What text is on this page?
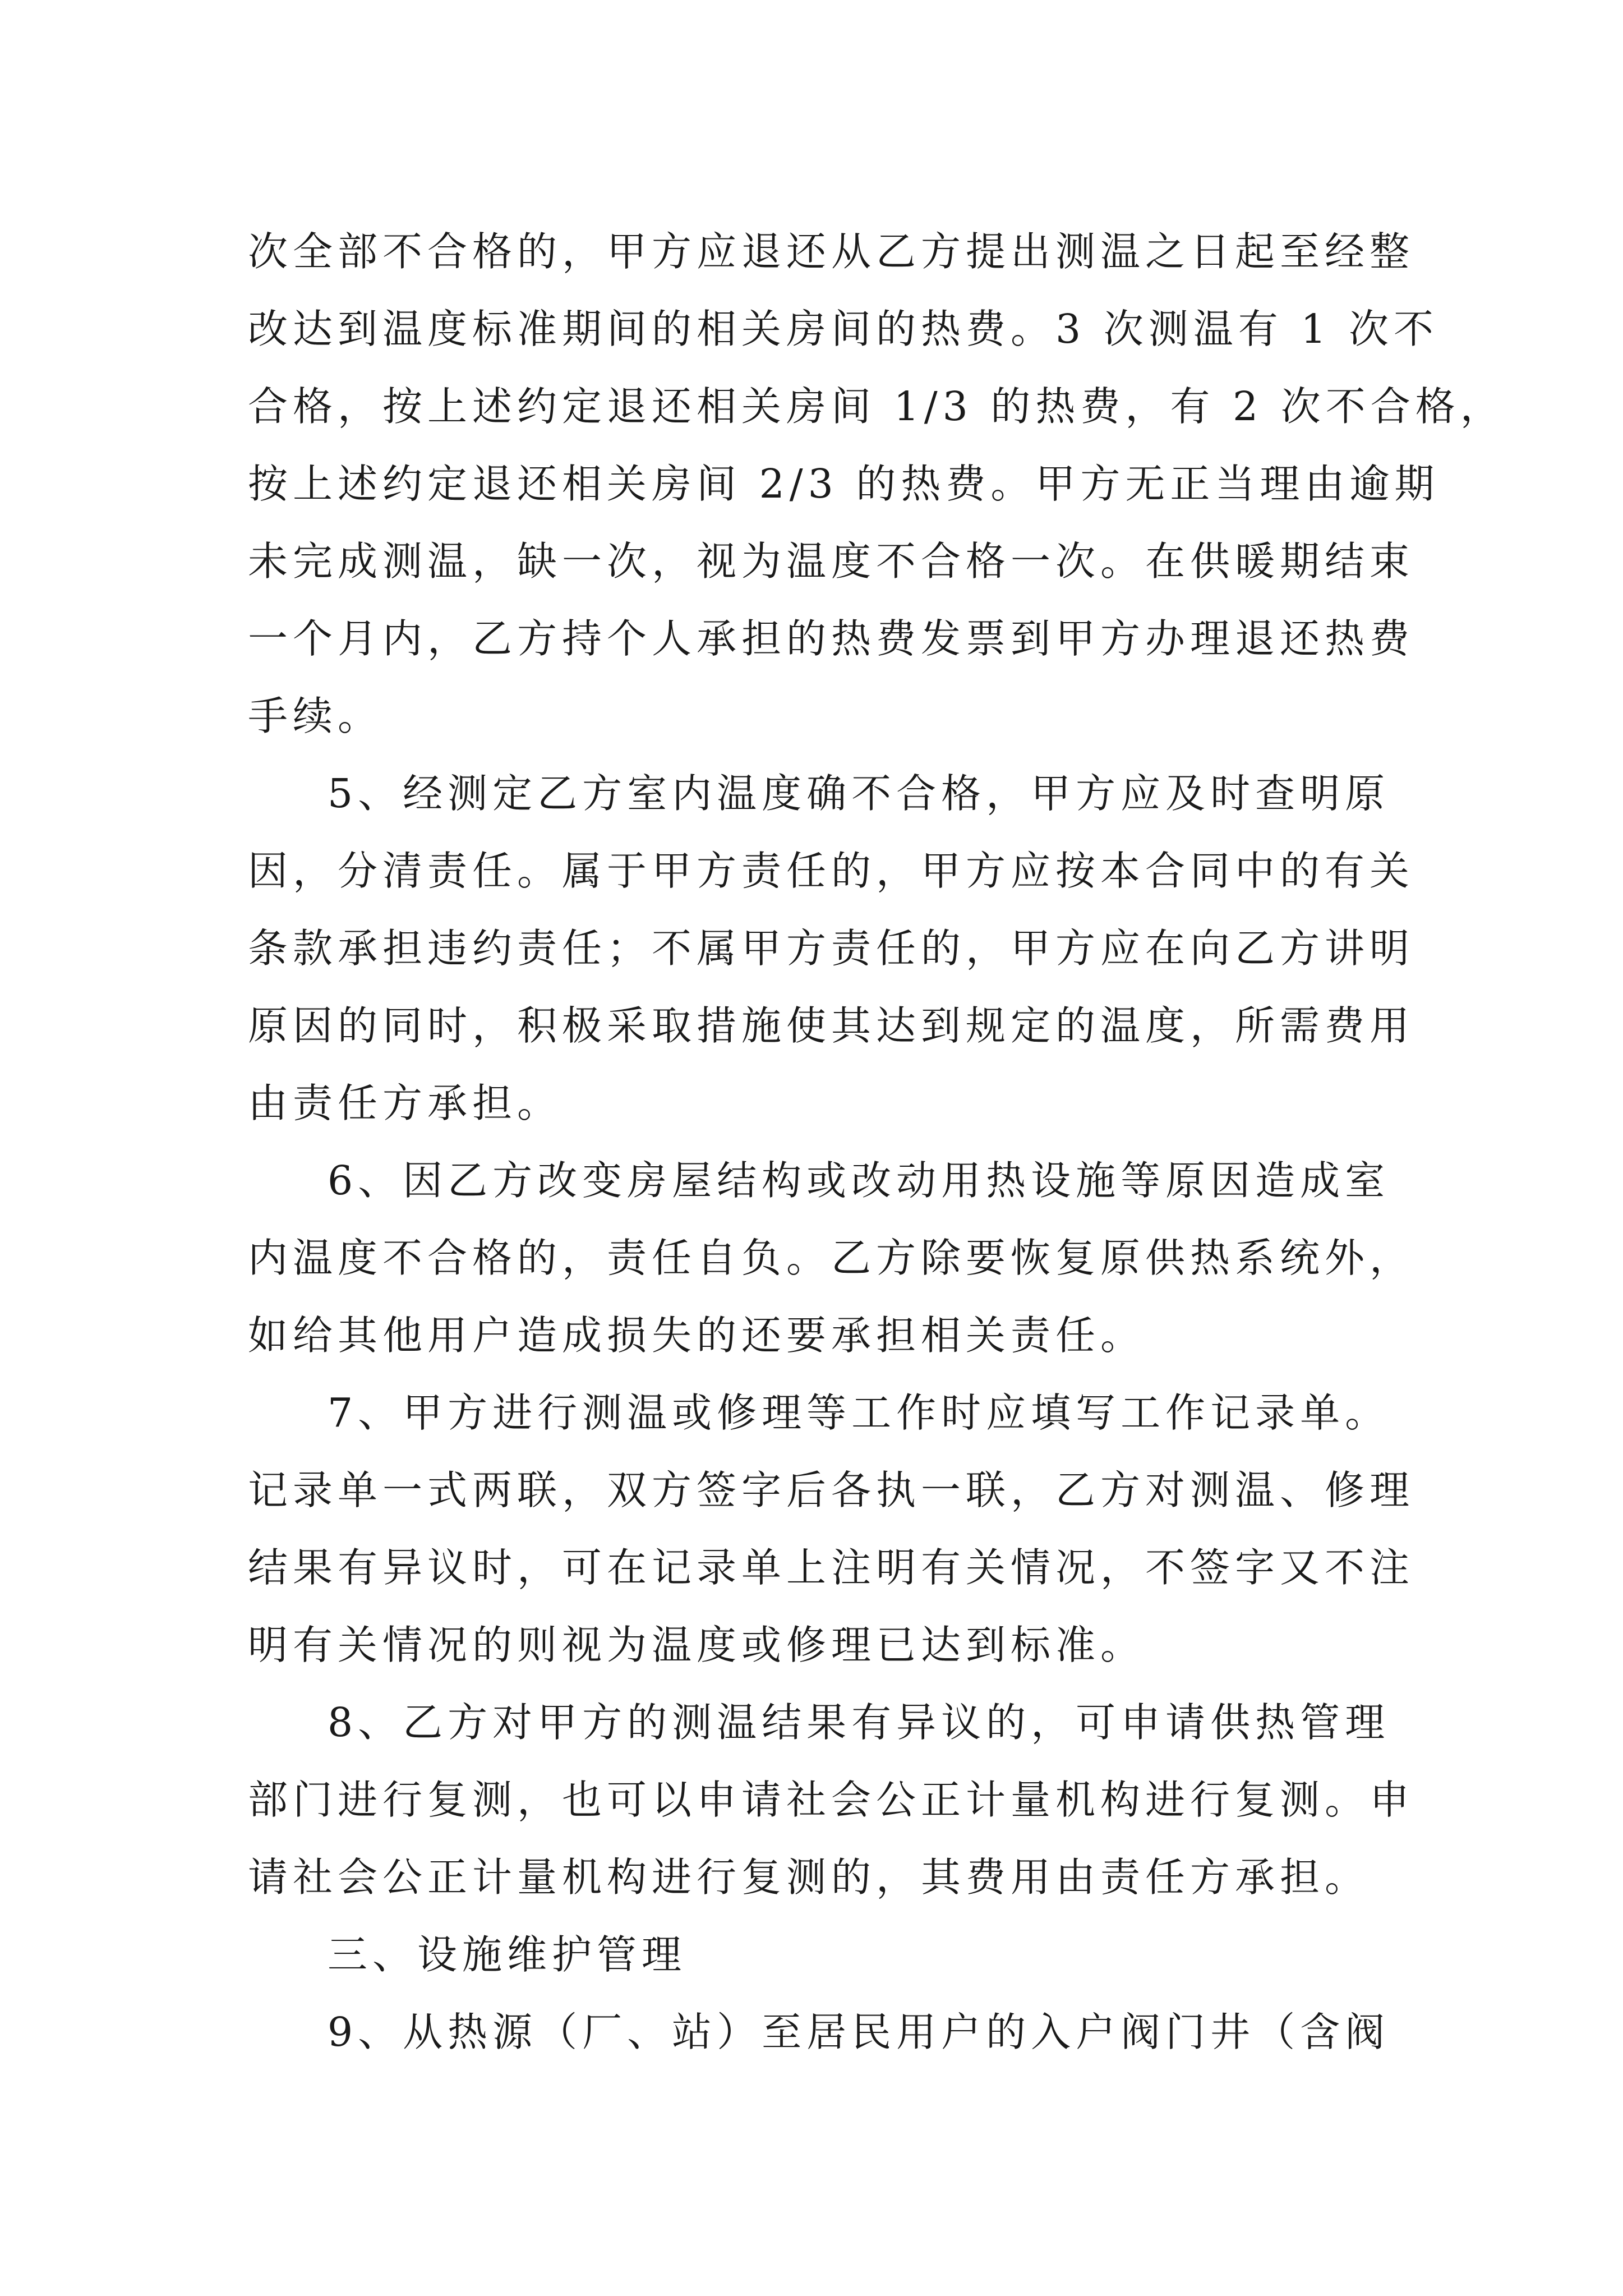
次全部不合格的，甲方应退还从乙方提出测温之日起至经整
改达到温度标准期间的相关房间的热费。3 次测温有 1 次不
合格，按上述约定退还相关房间 1/3 的热费，有 2 次不合格，
按上述约定退还相关房间 2/3 的热费。甲方无正当理由逾期
未完成测温，缺一次，视为温度不合格一次。在供暖期结束
一个月内，乙方持个人承担的热费发票到甲方办理退还热费
手续。
5、经测定乙方室内温度确不合格，甲方应及时查明原
因，分清责任。属于甲方责任的，甲方应按本合同中的有关
条款承担违约责任；不属甲方责任的，甲方应在向乙方讲明
原因的同时，积极采取措施使其达到规定的温度，所需费用
由责任方承担。
6、因乙方改变房屋结构或改动用热设施等原因造成室
内温度不合格的，责任自负。乙方除要恢复原供热系统外，
如给其他用户造成损失的还要承担相关责任。
7、甲方进行测温或修理等工作时应填写工作记录单。
记录单一式两联，双方签字后各执一联，乙方对测温、修理
结果有异议时，可在记录单上注明有关情况，不签字又不注
明有关情况的则视为温度或修理已达到标准。
8、乙方对甲方的测温结果有异议的，可申请供热管理
部门进行复测，也可以申请社会公正计量机构进行复测。申
请社会公正计量机构进行复测的，其费用由责任方承担。
三、设施维护管理
9、从热源（厂、站）至居民用户的入户阀门井（含阀
